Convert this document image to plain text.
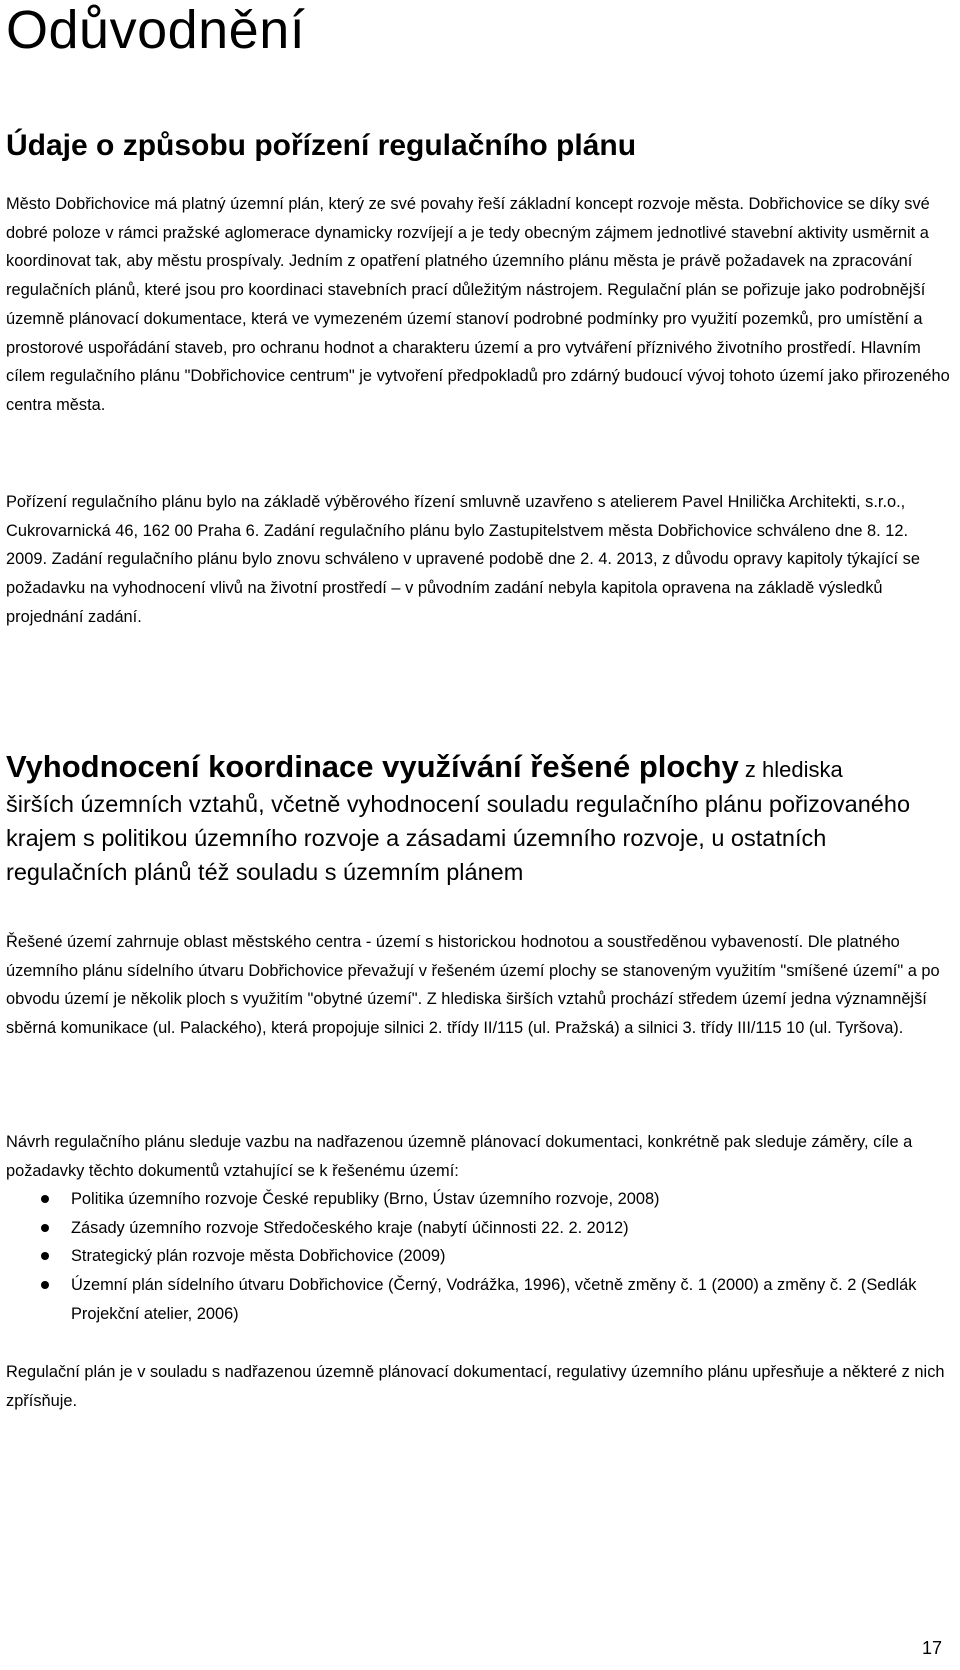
Odůvodnění
Údaje o způsobu pořízení regulačního plánu

Město Dobřichovice má platný územní plán, který ze své povahy řeší základní koncept rozvoje města. Dobřichovice se díky své dobré poloze v rámci pražské aglomerace dynamicky rozvíjejí a je tedy obecným zájmem jednotlivé stavební aktivity usměrnit a koordinovat tak, aby městu prospívaly. Jedním z opatření platného územního plánu města je právě požadavek na zpracování regulačních plánů, které jsou pro koordinaci stavebních prací důležitým nástrojem. Regulační plán se pořizuje jako podrobnější územně plánovací dokumentace, která ve vymezeném území stanoví podrobné podmínky pro využití pozemků, pro umístění a prostorové uspořádání staveb, pro ochranu hodnot a charakteru území a pro vytváření příznivého životního prostředí. Hlavním cílem regulačního plánu "Dobřichovice centrum" je vytvoření předpokladů pro zdárný budoucí vývoj tohoto území jako přirozeného centra města.

Pořízení regulačního plánu bylo na základě výběrového řízení smluvně uzavřeno s atelierem Pavel Hnilička Architekti, s.r.o., Cukrovarnická 46, 162 00 Praha 6. Zadání regulačního plánu bylo Zastupitelstvem města Dobřichovice schváleno dne 8. 12. 2009. Zadání regulačního plánu bylo znovu schváleno v upravené podobě dne 2. 4. 2013, z důvodu opravy kapitoly týkající se požadavku na vyhodnocení vlivů na životní prostředí – v původním zadání nebyla kapitola opravena na základě výsledků projednání zadání.

Vyhodnocení koordinace využívání řešené plochy z hlediska
širších územních vztahů, včetně vyhodnocení souladu regulačního plánu pořizovaného krajem s politikou územního rozvoje a zásadami územního rozvoje, u ostatních regulačních plánů též souladu s územním plánem

Řešené území zahrnuje oblast městského centra - území s historickou hodnotou a soustředěnou vybaveností. Dle platného územního plánu sídelního útvaru Dobřichovice převažují v řešeném území plochy se stanoveným využitím "smíšené území" a po obvodu území je několik ploch s využitím "obytné území". Z hlediska širších vztahů prochází středem území jedna významnější sběrná komunikace (ul. Palackého), která propojuje silnici 2. třídy II/115 (ul. Pražská) a silnici 3. třídy III/115 10 (ul. Tyršova).

Návrh regulačního plánu sleduje vazbu na nadřazenou územně plánovací dokumentaci, konkrétně pak sleduje záměry, cíle a požadavky těchto dokumentů vztahující se k řešenému území:

Politika územního rozvoje České republiky (Brno, Ústav územního rozvoje, 2008)
Zásady územního rozvoje Středočeského kraje (nabytí účinnosti 22. 2. 2012)
Strategický plán rozvoje města Dobřichovice (2009)
Územní plán sídelního útvaru Dobřichovice (Černý, Vodrážka, 1996), včetně změny č. 1 (2000) a změny č. 2 (Sedlák Projekční atelier, 2006)

Regulační plán je v souladu s nadřazenou územně plánovací dokumentací, regulativy územního plánu upřesňuje a některé z nich zpřísňuje.

17
